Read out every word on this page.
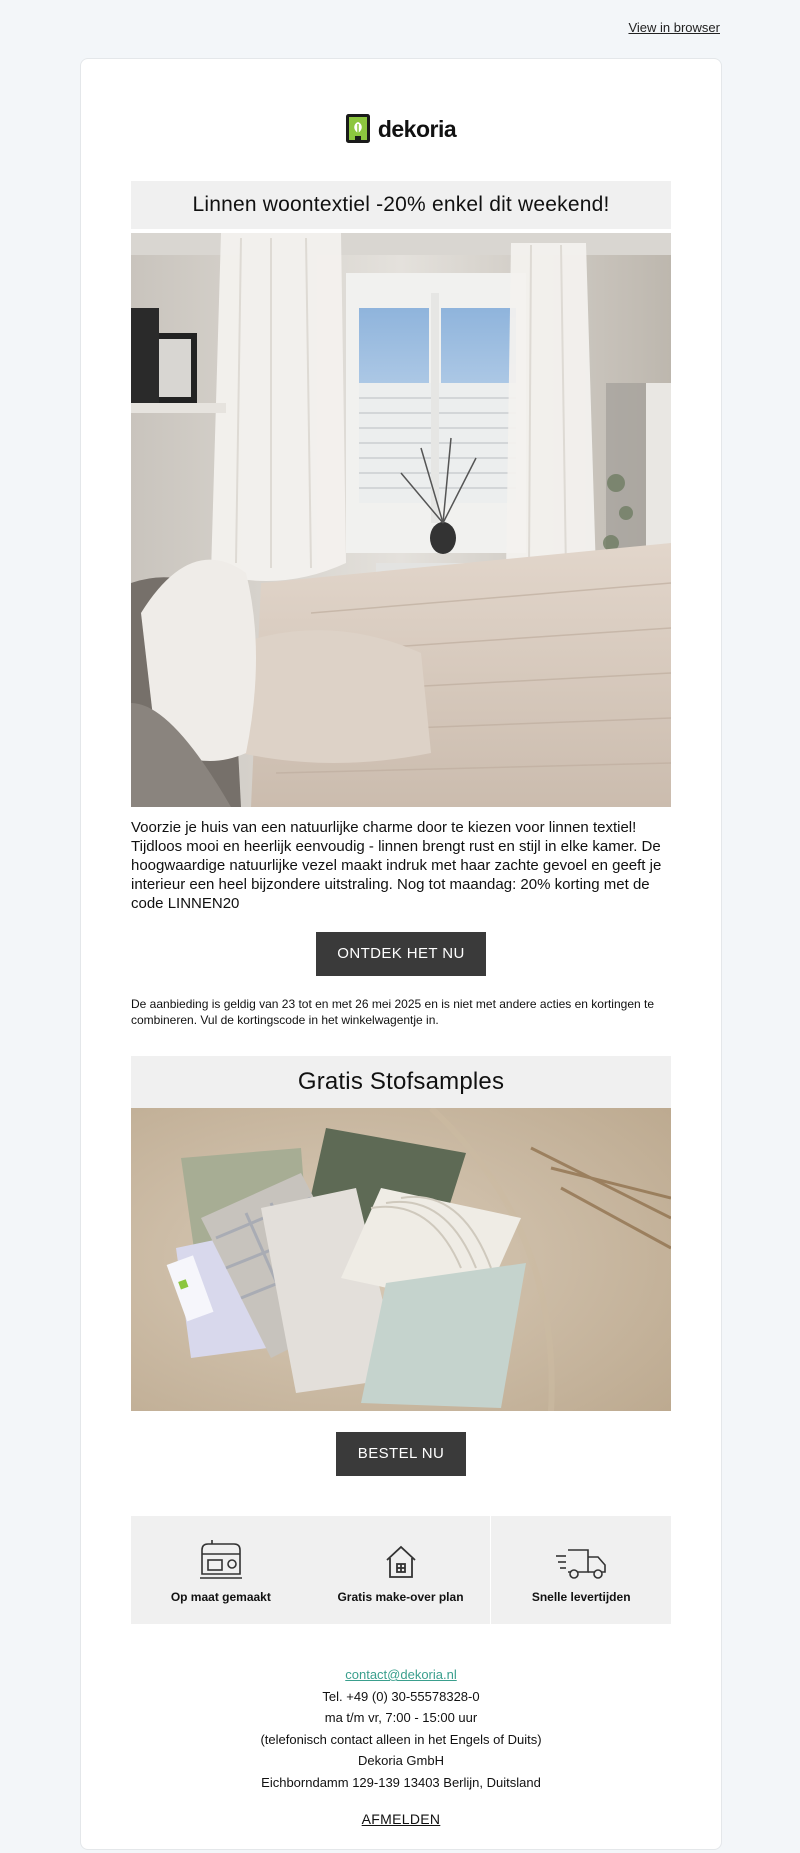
View in browser
dekoria
Linnen woontextiel -20% enkel dit weekend!

Voorzie je huis van een natuurlijke charme door te kiezen voor linnen textiel! Tijdloos mooi en heerlijk eenvoudig - linnen brengt rust en stijl in elke kamer. De hoogwaardige natuurlijke vezel maakt indruk met haar zachte gevoel en geeft je interieur een heel bijzondere uitstraling. Nog tot maandag: 20% korting met de code LINNEN20

ONTDEK HET NU

De aanbieding is geldig van 23 tot en met 26 mei 2025 en is niet met andere acties en kortingen te combineren. Vul de kortingscode in het winkelwagentje in.

Gratis Stofsamples
BESTEL NU
Op maat gemaakt	Gratis make-over plan	Snelle levertijden
contact@dekoria.nl
Tel. +49 (0) 30-55578328-0
ma t/m vr, 7:00 - 15:00 uur
(telefonisch contact alleen in het Engels of Duits)
Dekoria GmbH
Eichborndamm 129-139 13403 Berlijn, Duitsland
AFMELDEN
